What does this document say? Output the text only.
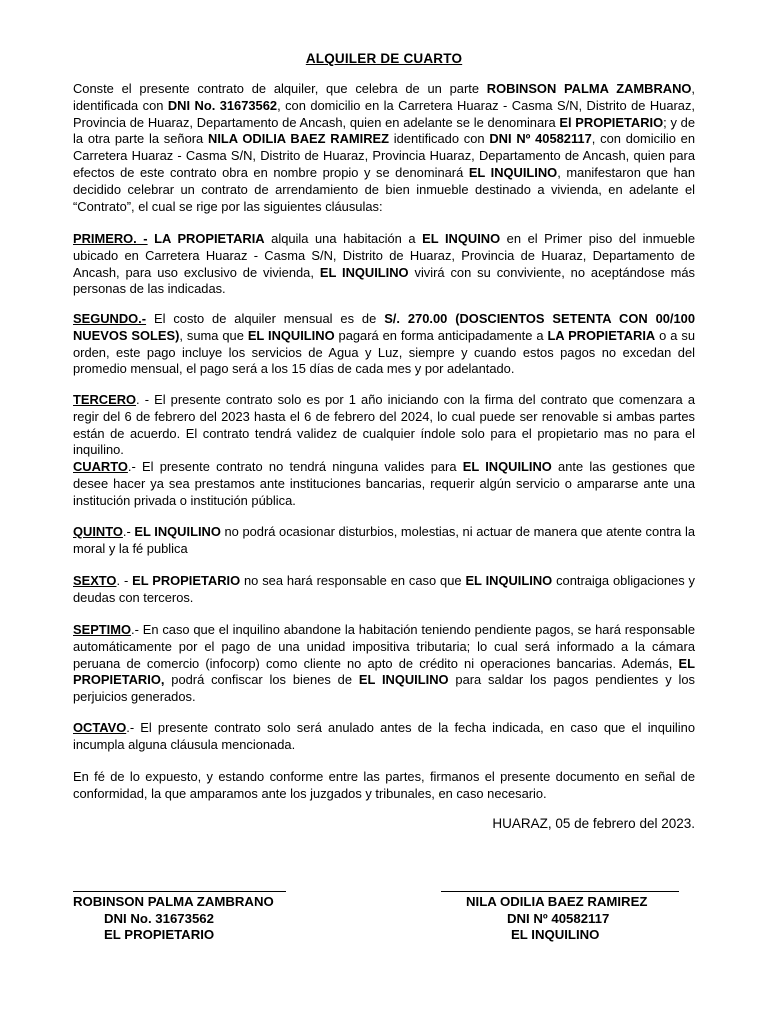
ALQUILER DE CUARTO

Conste el presente contrato de alquiler, que celebra de un parte ROBINSON PALMA ZAMBRANO, identificada con DNI No. 31673562, con domicilio en la Carretera Huaraz - Casma S/N, Distrito de Huaraz, Provincia de Huaraz, Departamento de Ancash, quien en adelante se le denominara El PROPIETARIO; y de la otra parte la señora NILA ODILIA BAEZ RAMIREZ identificado con DNI Nº 40582117, con domicilio en Carretera Huaraz - Casma S/N, Distrito de Huaraz, Provincia Huaraz, Departamento de Ancash, quien para efectos de este contrato obra en nombre propio y se denominará EL INQUILINO, manifestaron que han decidido celebrar un contrato de arrendamiento de bien inmueble destinado a vivienda, en adelante el “Contrato”, el cual se rige por las siguientes cláusulas:

PRIMERO. - LA PROPIETARIA alquila una habitación a EL INQUINO en el Primer piso del inmueble ubicado en Carretera Huaraz - Casma S/N, Distrito de Huaraz, Provincia de Huaraz, Departamento de Ancash, para uso exclusivo de vivienda, EL INQUILINO vivirá con su conviviente, no aceptándose más personas de las indicadas.

SEGUNDO.- El costo de alquiler mensual es de S/. 270.00 (DOSCIENTOS SETENTA CON 00/100 NUEVOS SOLES), suma que EL INQUILINO pagará en forma anticipadamente a LA PROPIETARIA o a su orden, este pago incluye los servicios de Agua y Luz, siempre y cuando estos pagos no excedan del promedio mensual, el pago será a los 15 días de cada mes y por adelantado.

TERCERO. - El presente contrato solo es por 1 año iniciando con la firma del contrato que comenzara a regir del 6 de febrero del 2023 hasta el 6 de febrero del 2024, lo cual puede ser renovable si ambas partes están de acuerdo. El contrato tendrá validez de cualquier índole solo para el propietario mas no para el inquilino.

CUARTO.- El presente contrato no tendrá ninguna valides para EL INQUILINO ante las gestiones que desee hacer ya sea prestamos ante instituciones bancarias, requerir algún servicio o ampararse ante una institución privada o institución pública.

QUINTO.- EL INQUILINO no podrá ocasionar disturbios, molestias, ni actuar de manera que atente contra la moral y la fé publica

SEXTO. - EL PROPIETARIO no sea hará responsable en caso que EL INQUILINO contraiga obligaciones y deudas con terceros.

SEPTIMO.- En caso que el inquilino abandone la habitación teniendo pendiente pagos, se hará responsable automáticamente por el pago de una unidad impositiva tributaria; lo cual será informado a la cámara peruana de comercio (infocorp) como cliente no apto de crédito ni operaciones bancarias. Además, EL PROPIETARIO, podrá confiscar los bienes de EL INQUILINO para saldar los pagos pendientes y los perjuicios generados.

OCTAVO.- El presente contrato solo será anulado antes de la fecha indicada, en caso que el inquilino incumpla alguna cláusula mencionada.

En fé de lo expuesto, y estando conforme entre las partes, firmanos el presente documento en señal de conformidad, la que amparamos ante los juzgados y tribunales, en caso necesario.

HUARAZ, 05 de febrero del 2023.
ROBINSON PALMA ZAMBRANO
DNI No. 31673562
EL PROPIETARIO
NILA ODILIA BAEZ RAMIREZ
DNI Nº 40582117
EL INQUILINO
